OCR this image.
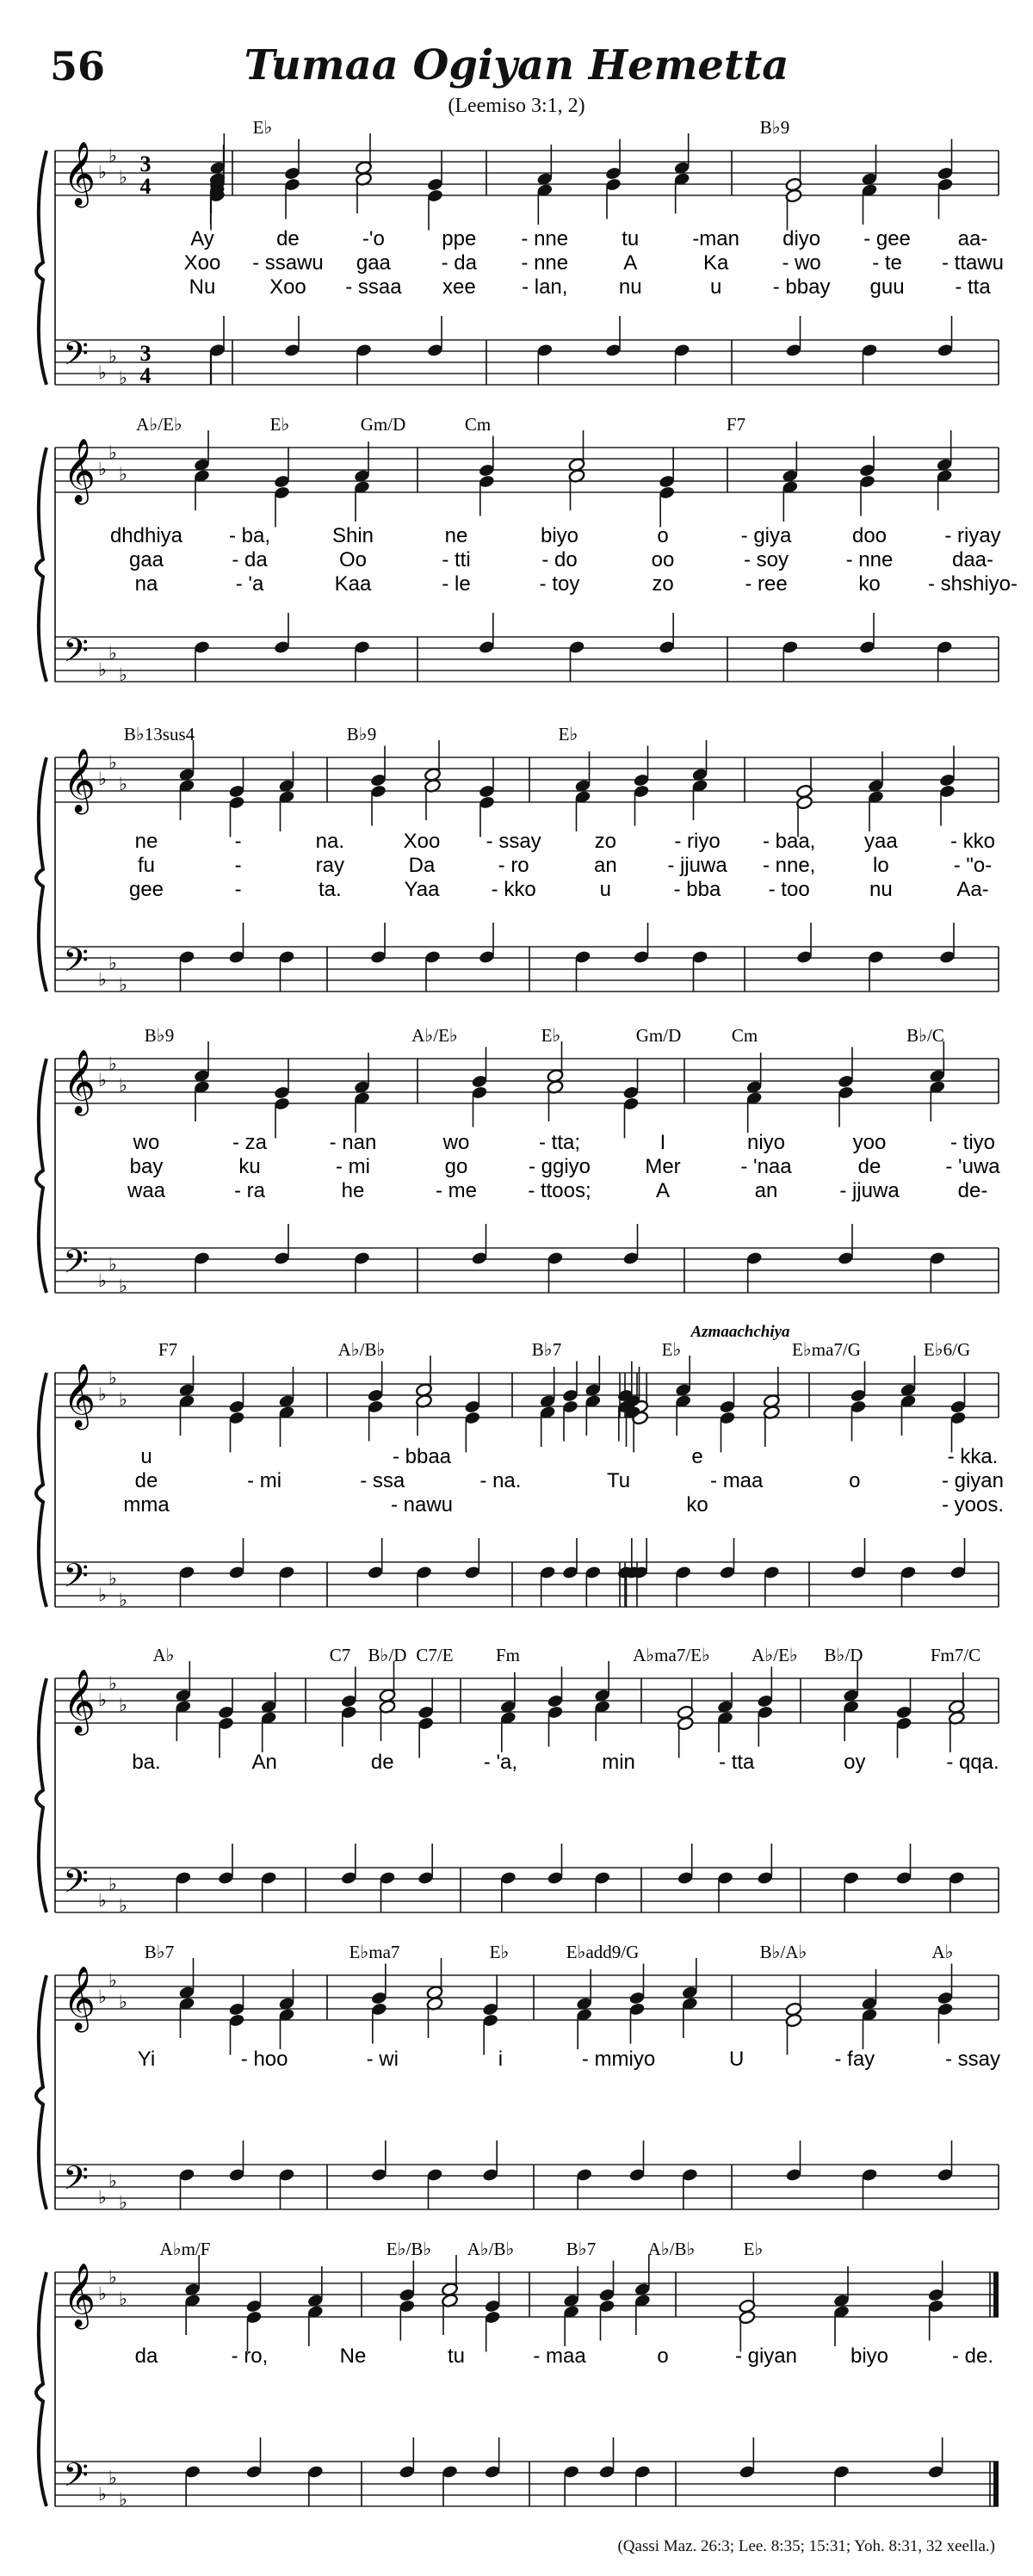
56	Tumaa Ogiyan Hemetta
(Leemiso 3:1, 2)
𝄞
𝄢
♭
♭
♭
♭
♭
♭
3
4
3
4
E♭	B♭9
Ay	de	-'o	ppe - nne	tu	-man diyo - gee aa-
Xoo - ssawu gaa - da - nne	A	Ka	- wo - te - ttawu
Nu	Xoo - ssaa xee - lan, nu	u - bbay guu - tta
𝄞
𝄢
♭
♭
♭
♭
♭
♭
A♭/E♭	E♭	Gm/D	Cm	F7
dhdhiya - ba,	Shin	ne	biyo	o	- giya	doo	- riyay
gaa	- da	Oo	- tti	- do	oo	- soy	- nne	daa-
na	- 'a	Kaa	- le	- toy	zo	- ree	ko - shshiyo-
𝄞
𝄢
♭
♭
♭
♭
♭
♭
B♭13sus4	B♭9	E♭
ne	-	na.	Xoo - ssay	zo	- riyo - baa, yaa	- kko
fu	-	ray	Da	- ro	an - jjuwa - nne,	lo	- "o-
gee	-	ta.	Yaa	- kko	u	- bba - too	nu	Aa-
𝄞
𝄢
♭
♭
♭
♭
♭
♭
B♭9	A♭/E♭	E♭	Gm/D	Cm	B♭/C
wo	- za	- nan	wo	- tta;	I	niyo	yoo	- tiyo
bay	ku	- mi	go	- ggiyo	Mer	- 'naa	de	- 'uwa
waa	- ra	he	- me - ttoos;	A	an	- jjuwa	de-
𝄞
𝄢
♭
♭
♭
♭
♭
♭
F7	A♭/B♭	B♭7	E♭	E♭ma7/G	E♭6/G
u	- bbaa	e	- kka.
de	- mi	- ssa	- na.	Tu	- maa	o	- giyan
mma	- nawu	ko	- yoos.
𝄞
𝄢
♭
♭
♭
♭
♭
♭
A♭	C7 B♭/D C7/E Fm	A♭ma7/E♭ A♭/E♭ B♭/D	Fm7/C
ba.	An	de	- 'a,	min	- tta	oy	- qqa.
𝄞
𝄢
♭
♭
♭
♭
♭
♭
B♭7	E♭ma7	E♭	E♭add9/G	B♭/A♭	A♭
Yi	- hoo	- wi	i	- mmiyo	U	- fay	- ssay
𝄞
𝄢
♭
♭
♭
♭
♭
♭
A♭m/F	E♭/B♭ A♭/B♭	B♭7	A♭/B♭	E♭
da	- ro,	Ne	tu	- maa	o	- giyan	biyo	- de.
Azmaachchiya
(Qassi Maz. 26:3; Lee. 8:35; 15:31; Yoh. 8:31, 32 xeella.)
